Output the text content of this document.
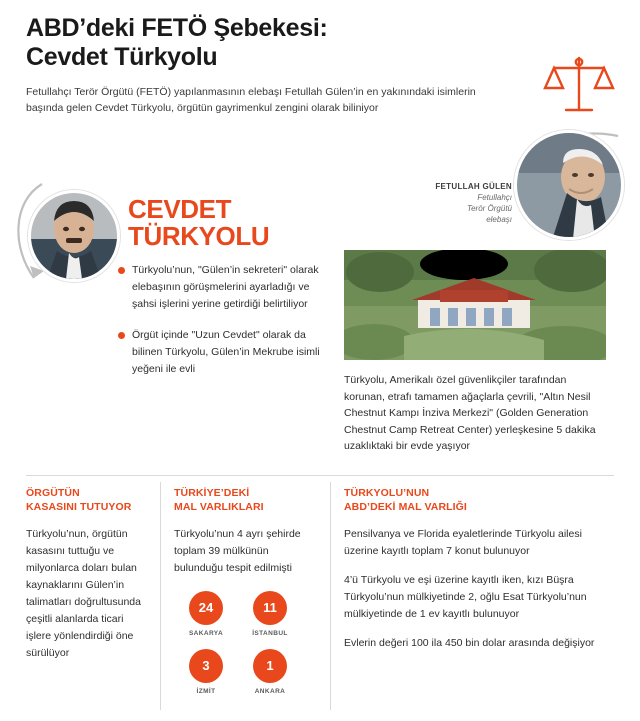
ABD’deki FETÖ Şebekesi:
Cevdet Türkyolu
Fetullahçı Terör Örgütü (FETÖ) yapılanmasının elebaşı Fetullah Gülen’in en yakınındaki isimlerin başında gelen Cevdet Türkyolu, örgütün gayrimenkul zengini olarak biliniyor
FETULLAH GÜLEN
Fetullahçı
Terör Örgütü
elebaşı
CEVDET
TÜRKYOLU
Türkyolu’nun, "Gülen’in sekreteri" olarak elebaşının görüşmelerini ayarladığı ve şahsi işlerini yerine getirdiği belirtiliyor
Örgüt içinde "Uzun Cevdet" olarak da bilinen Türkyolu, Gülen’in Mekrube isimli yeğeni ile evli
Türkyolu, Amerikalı özel güvenlikçiler tarafından korunan, etrafı tamamen ağaçlarla çevrili, "Altın Nesil Chestnut Kampı İnziva Merkezi" (Golden Generation Chestnut Camp Retreat Center) yerleşkesine 5 dakika uzaklıktaki bir evde yaşıyor
ÖRGÜTÜN
KASASINI TUTUYOR
Türkyolu’nun, örgütün kasasını tuttuğu ve milyonlarca doları bulan kaynaklarını Gülen’in talimatları doğrultusunda çeşitli alanlarda ticari işlere yönlendirdiği öne sürülüyor
TÜRKİYE’DEKİ
MAL VARLIKLARI
Türkyolu’nun 4 ayrı şehirde toplam 39 mülkünün bulunduğu tespit edilmişti
24
SAKARYA
11
İSTANBUL
3
İZMİT
1
ANKARA
TÜRKYOLU’NUN
ABD’DEKİ MAL VARLIĞI

Pensilvanya ve Florida eyaletlerinde Türkyolu ailesi üzerine kayıtlı toplam 7 konut bulunuyor

4’ü Türkyolu ve eşi üzerine kayıtlı iken, kızı Büşra Türkyolu’nun mülkiyetinde 2, oğlu Esat Türkyolu’nun mülkiyetinde de 1 ev kayıtlı bulunuyor

Evlerin değeri 100 ila 450 bin dolar arasında değişiyor
